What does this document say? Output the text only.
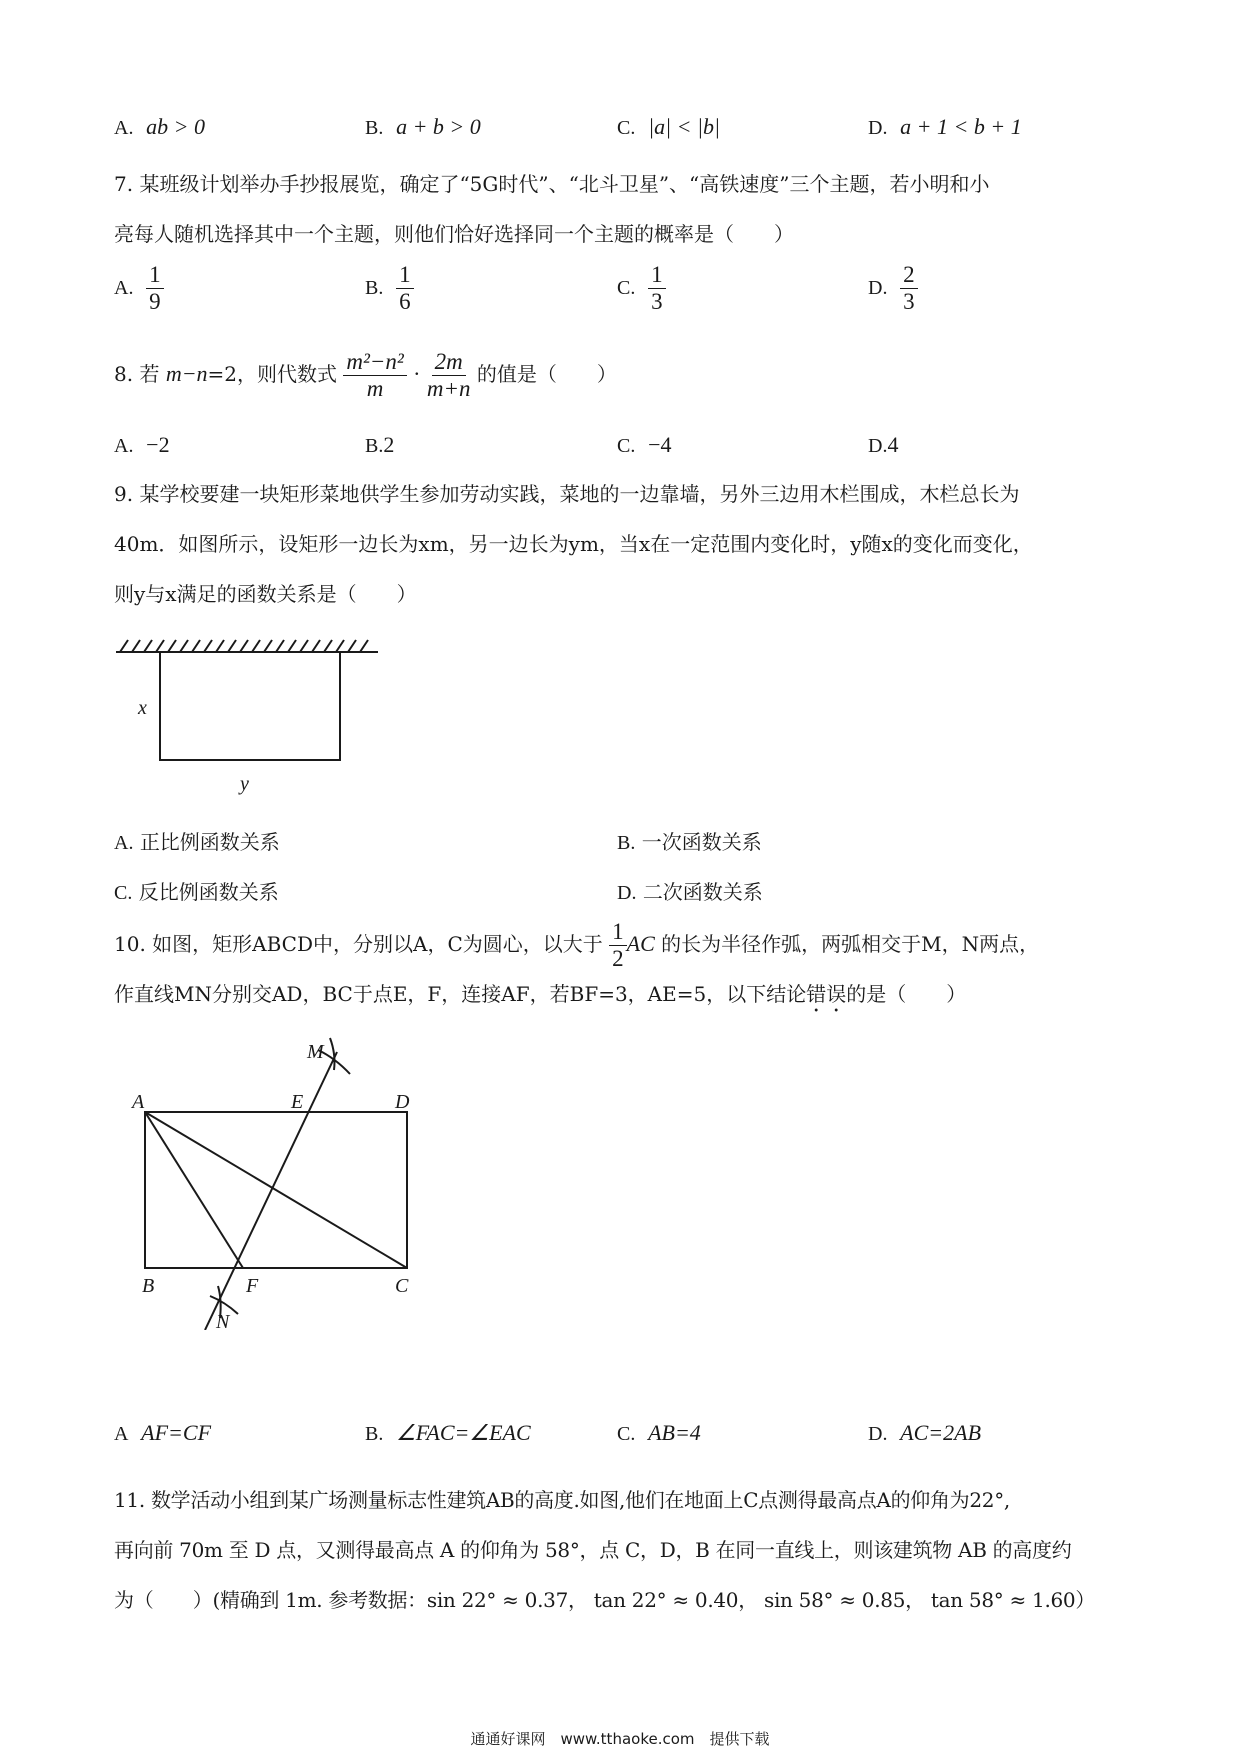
A. ab > 0	B. a + b > 0	C. |a| < |b|	D. a + 1 < b + 1
7. 某班级计划举办手抄报展览，确定了“5G时代”、“北斗卫星”、“高铁速度”三个主题，若小明和小
亮每人随机选择其中一个主题，则他们恰好选择同一个主题的概率是（　　）
A. $\frac{1}{9}$	B. $\frac{1}{6}$	C. $\frac{1}{3}$	D. $\frac{2}{3}$
8. 若 m−n=2，则代数式 $\frac{\text{m²−n²}}{m} \cdot \frac{2m}{m+n}$ 的值是（　　）
A. −2	B.2	C. −4	D.4
9. 某学校要建一块矩形菜地供学生参加劳动实践，菜地的一边靠墙，另外三边用木栏围成，木栏总长为
40m．如图所示，设矩形一边长为xm，另一边长为ym，当x在一定范围内变化时，y随x的变化而变化，
则y与x满足的函数关系是（　　）
x
y
A. 正比例函数关系	B. 一次函数关系
C. 反比例函数关系	D. 二次函数关系
10. 如图，矩形ABCD中，分别以A，C为圆心，以大于 $\frac{1}{2}$ AC 的长为半径作弧，两弧相交于M，N两点，
作直线MN分别交AD，BC于点E，F，连接AF，若BF=3，AE=5，以下结论错误的是（　　）
A	E	D
B	F	C
M
N
A AF=CF	B. ∠FAC=∠EAC	C. AB=4	D. AC=2AB
11. 数学活动小组到某广场测量标志性建筑AB的高度.如图,他们在地面上C点测得最高点A的仰角为22°,
再向前 70m 至 D 点，又测得最高点 A 的仰角为 58°，点 C，D，B 在同一直线上，则该建筑物 AB 的高度约
为（　　）(精确到 1m. 参考数据：sin 22° ≈ 0.37， tan 22° ≈ 0.40， sin 58° ≈ 0.85， tan 58° ≈ 1.60）
通通好课网　www.tthaoke.com　提供下载
